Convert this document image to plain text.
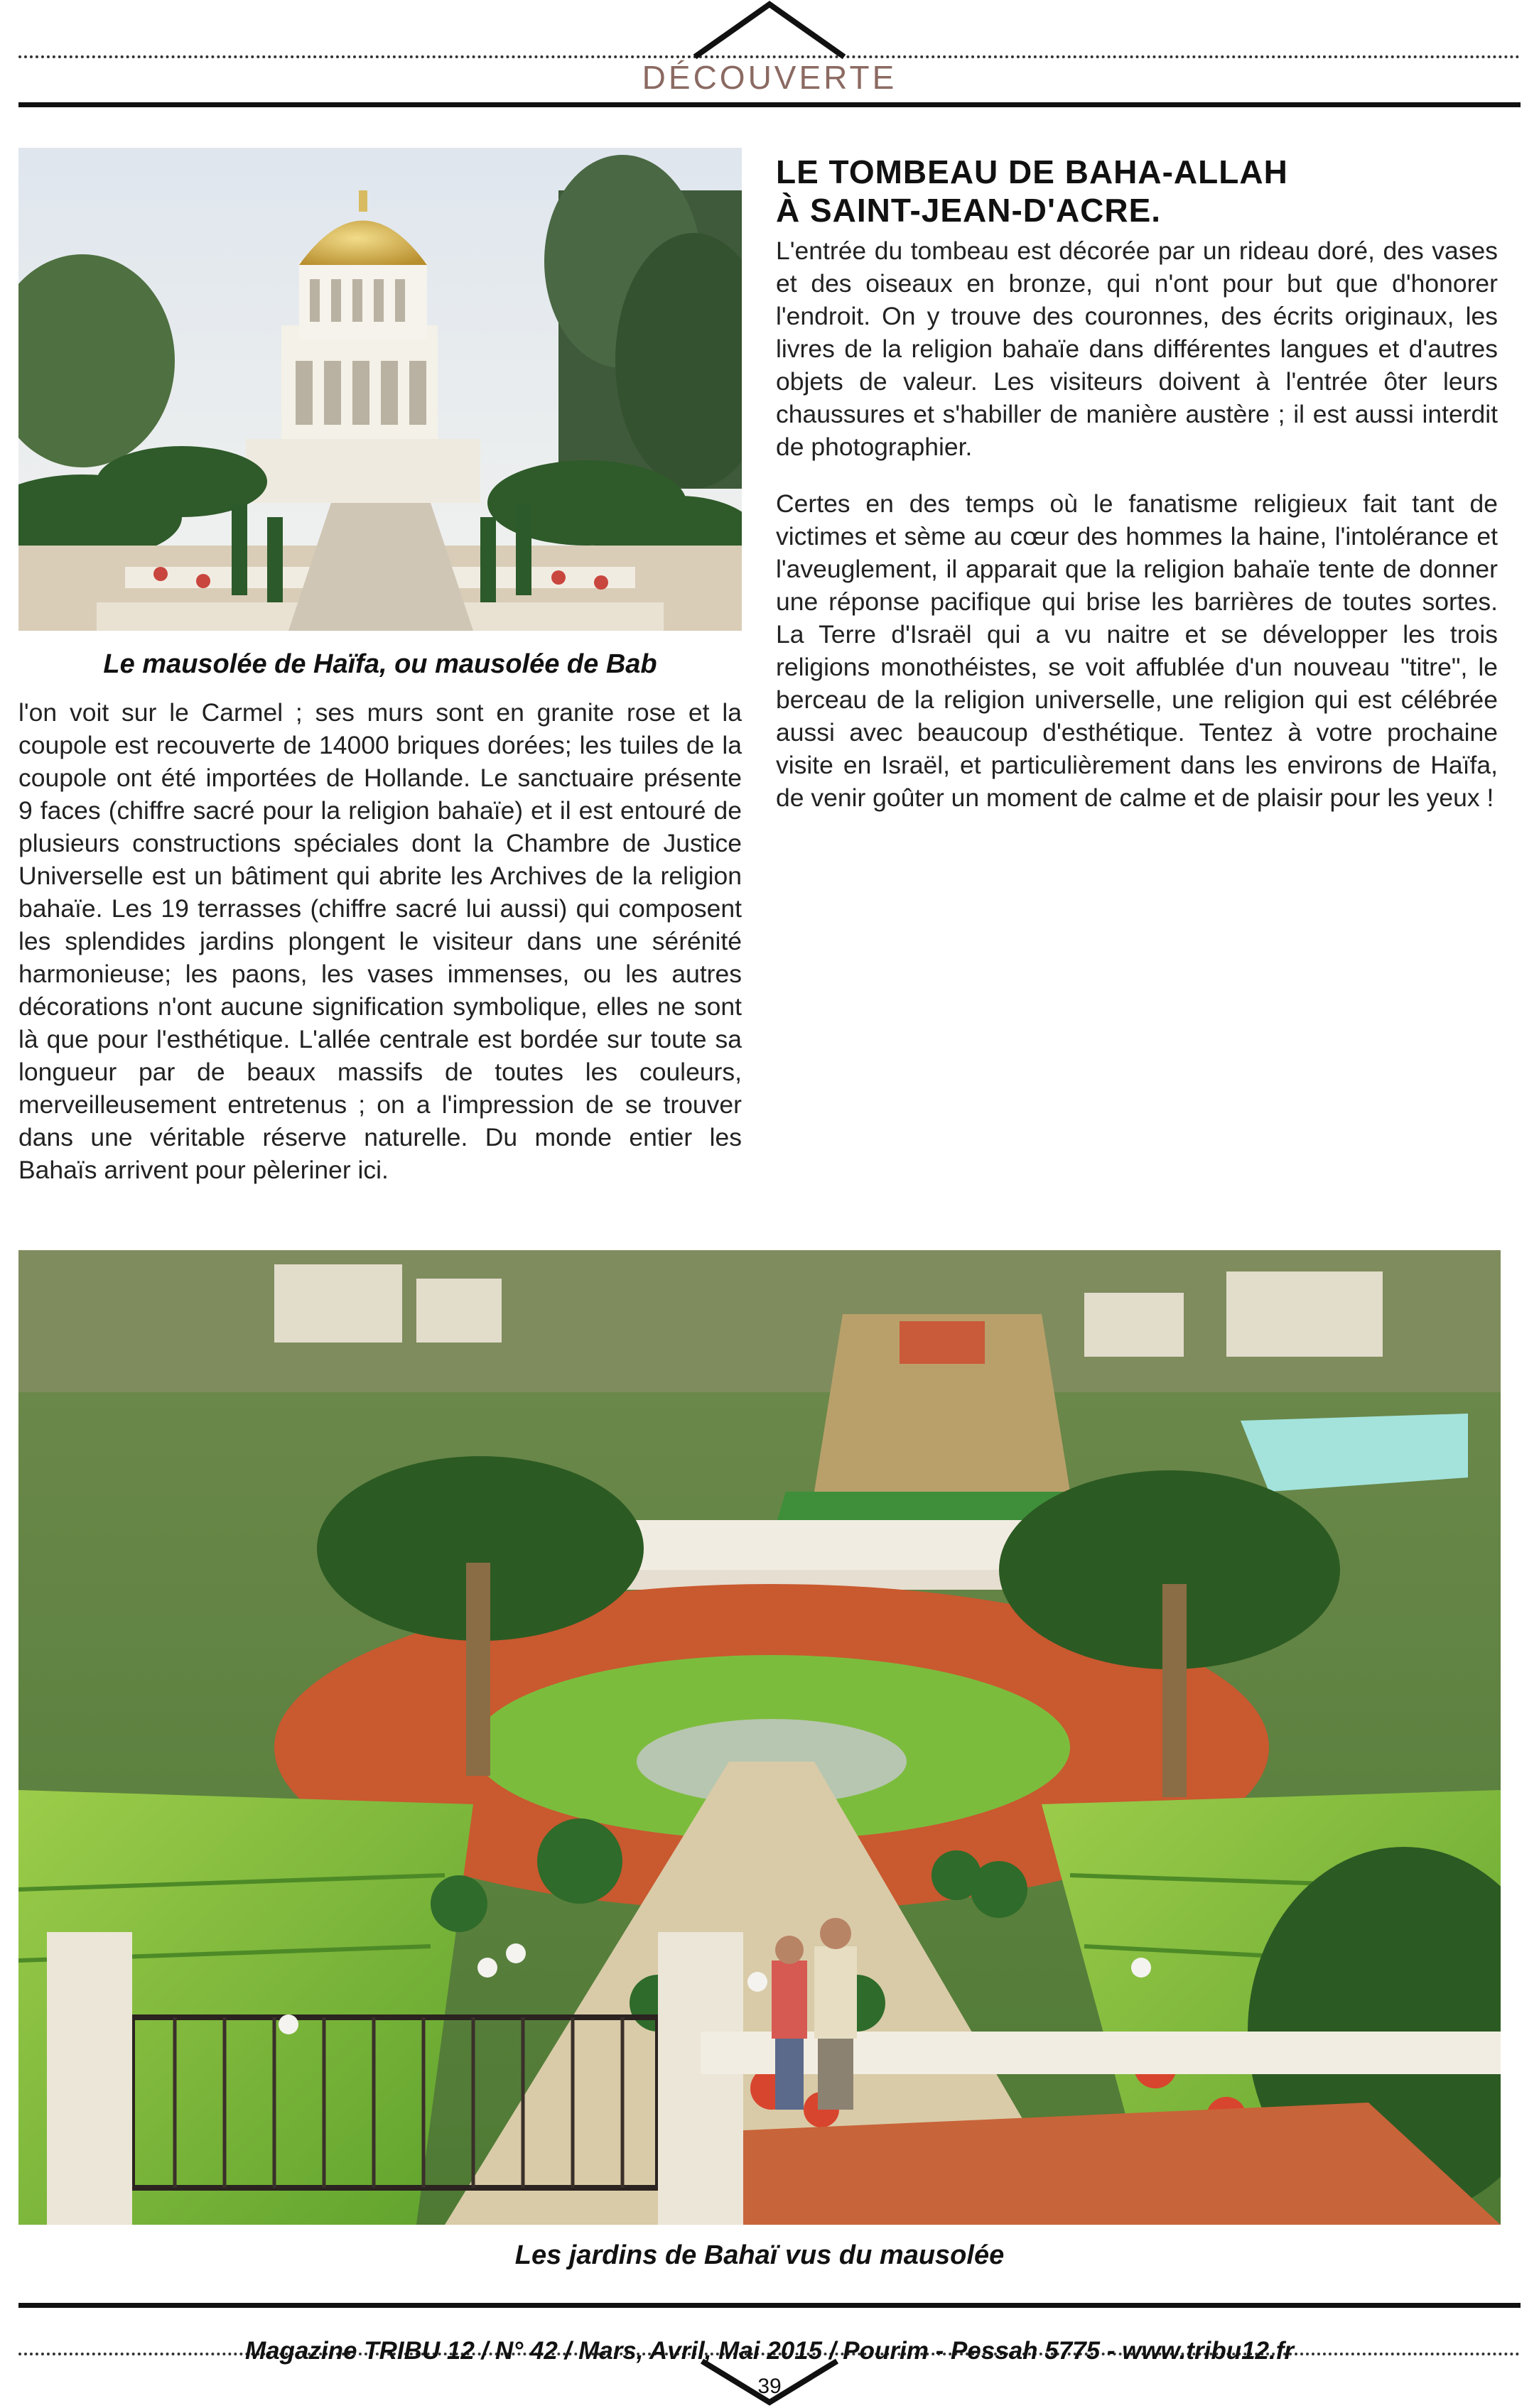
DÉCOUVERTE
Le mausolée de Haïfa, ou mausolée de Bab

l'on voit sur le Carmel ; ses murs sont en granite rose et la coupole est recouverte de 14000 briques dorées; les tuiles de la coupole ont été importées de Hollande. Le sanctuaire présente 9 faces (chiffre sacré pour la religion bahaïe) et il est entouré de plusieurs constructions spéciales dont la Chambre de Justice Universelle est un bâtiment qui abrite les Archives de la religion bahaïe. Les 19 terrasses (chiffre sacré lui aussi) qui composent les splendides jardins plongent le visiteur dans une sérénité harmonieuse; les paons, les vases immenses, ou les autres décorations n'ont aucune signification symbolique, elles ne sont là que pour l'esthétique. L'allée centrale est bordée sur toute sa longueur par de beaux massifs de toutes les couleurs, merveilleusement entretenus ; on a l'impression de se trouver dans une véritable réserve naturelle. Du monde entier les Bahaïs arrivent pour pèleriner ici.

LE TOMBEAU DE BAHA-ALLAH
À SAINT-JEAN-D'ACRE.

L'entrée du tombeau est décorée par un rideau doré, des vases et des oiseaux en bronze, qui n'ont pour but que d'honorer l'endroit. On y trouve des couronnes, des écrits originaux, les livres de la religion bahaïe dans différentes langues et d'autres objets de valeur. Les visiteurs doivent à l'entrée ôter leurs chaussures et s'habiller de manière austère ; il est aussi interdit de photographier.

Certes en des temps où le fanatisme religieux fait tant de victimes et sème au cœur des hommes la haine, l'intolérance et l'aveuglement, il apparait que la religion bahaïe tente de donner une réponse pacifique qui brise les barrières de toutes sortes. La Terre d'Israël qui a vu naitre et se développer les trois religions monothéistes, se voit affublée d'un nouveau "titre", le berceau de la religion universelle, une religion qui est célébrée aussi avec beaucoup d'esthétique. Tentez à votre prochaine visite en Israël, et particulièrement dans les environs de Haïfa, de venir goûter un moment de calme et de plaisir pour les yeux !

Les jardins de Bahaï vus du mausolée
Magazine TRIBU 12 / N° 42 / Mars, Avril, Mai 2015 / Pourim - Pessah 5775 - www.tribu12.fr
39
